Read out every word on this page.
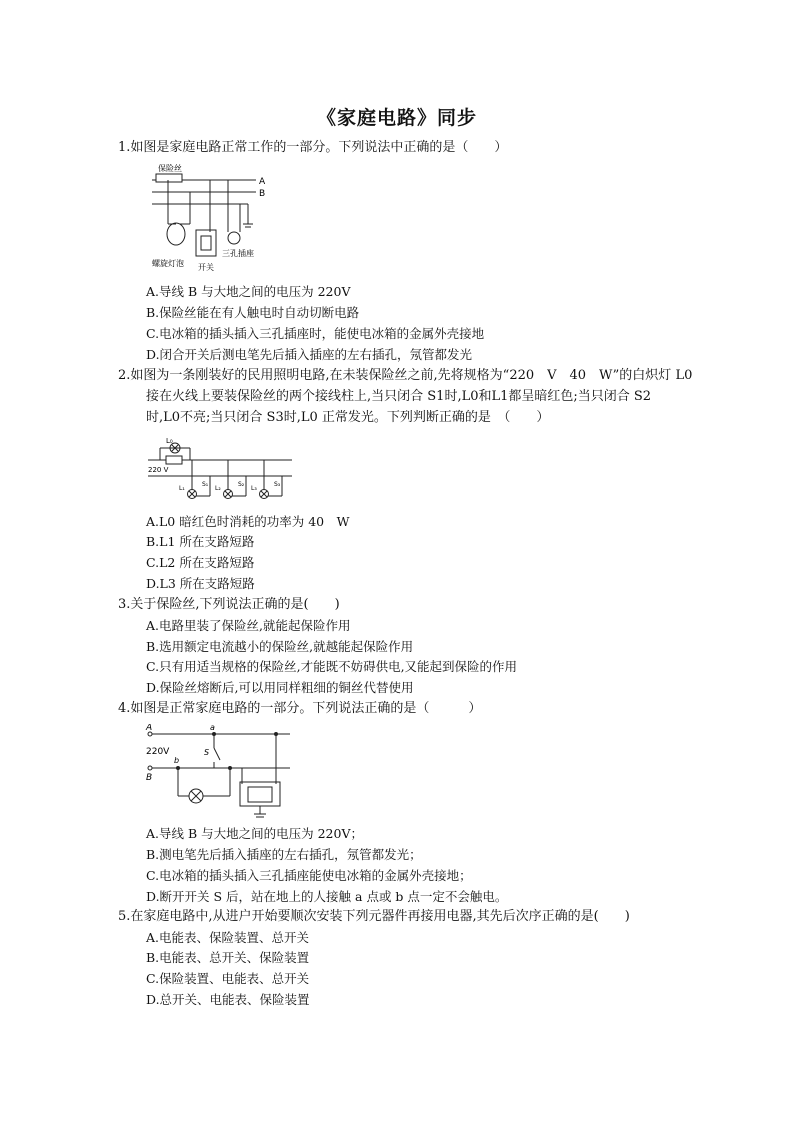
《家庭电路》同步
1.如图是家庭电路正常工作的一部分。下列说法中正确的是（　　）
A
B
保险丝
螺旋灯泡 开关
三孔插座
A.导线 B 与大地之间的电压为 220V
B.保险丝能在有人触电时自动切断电路
C.电冰箱的插头插入三孔插座时，能使电冰箱的金属外壳接地
D.闭合开关后测电笔先后插入插座的左右插孔，氖管都发光
2.如图为一条刚装好的民用照明电路,在未装保险丝之前,先将规格为“220　V　40　W”的白炽灯 L0
接在火线上要装保险丝的两个接线柱上,当只闭合 S1时,L0和L1都呈暗红色;当只闭合 S2
时,L0不亮;当只闭合 S3时,L0 正常发光。下列判断正确的是　（　　）
L₀
220 V
L₁
S₁
L₂
S₂
L₃
S₃
A.L0 暗红色时消耗的功率为 40　W
B.L1 所在支路短路
C.L2 所在支路短路
D.L3 所在支路短路
3.关于保险丝,下列说法正确的是(　　)
A.电路里装了保险丝,就能起保险作用
B.选用额定电流越小的保险丝,就越能起保险作用
C.只有用适当规格的保险丝,才能既不妨碍供电,又能起到保险的作用
D.保险丝熔断后,可以用同样粗细的铜丝代替使用
4.如图是正常家庭电路的一部分。下列说法正确的是（　　　）
A
220V
B
a
b
S
A.导线 B 与大地之间的电压为 220V；
B.测电笔先后插入插座的左右插孔，氖管都发光；
C.电冰箱的插头插入三孔插座能使电冰箱的金属外壳接地；
D.断开开关 S 后，站在地上的人接触 a 点或 b 点一定不会触电。
5.在家庭电路中,从进户开始要顺次安装下列元器件再接用电器,其先后次序正确的是(　　)
A.电能表、保险装置、总开关
B.电能表、总开关、保险装置
C.保险装置、电能表、总开关
D.总开关、电能表、保险装置
